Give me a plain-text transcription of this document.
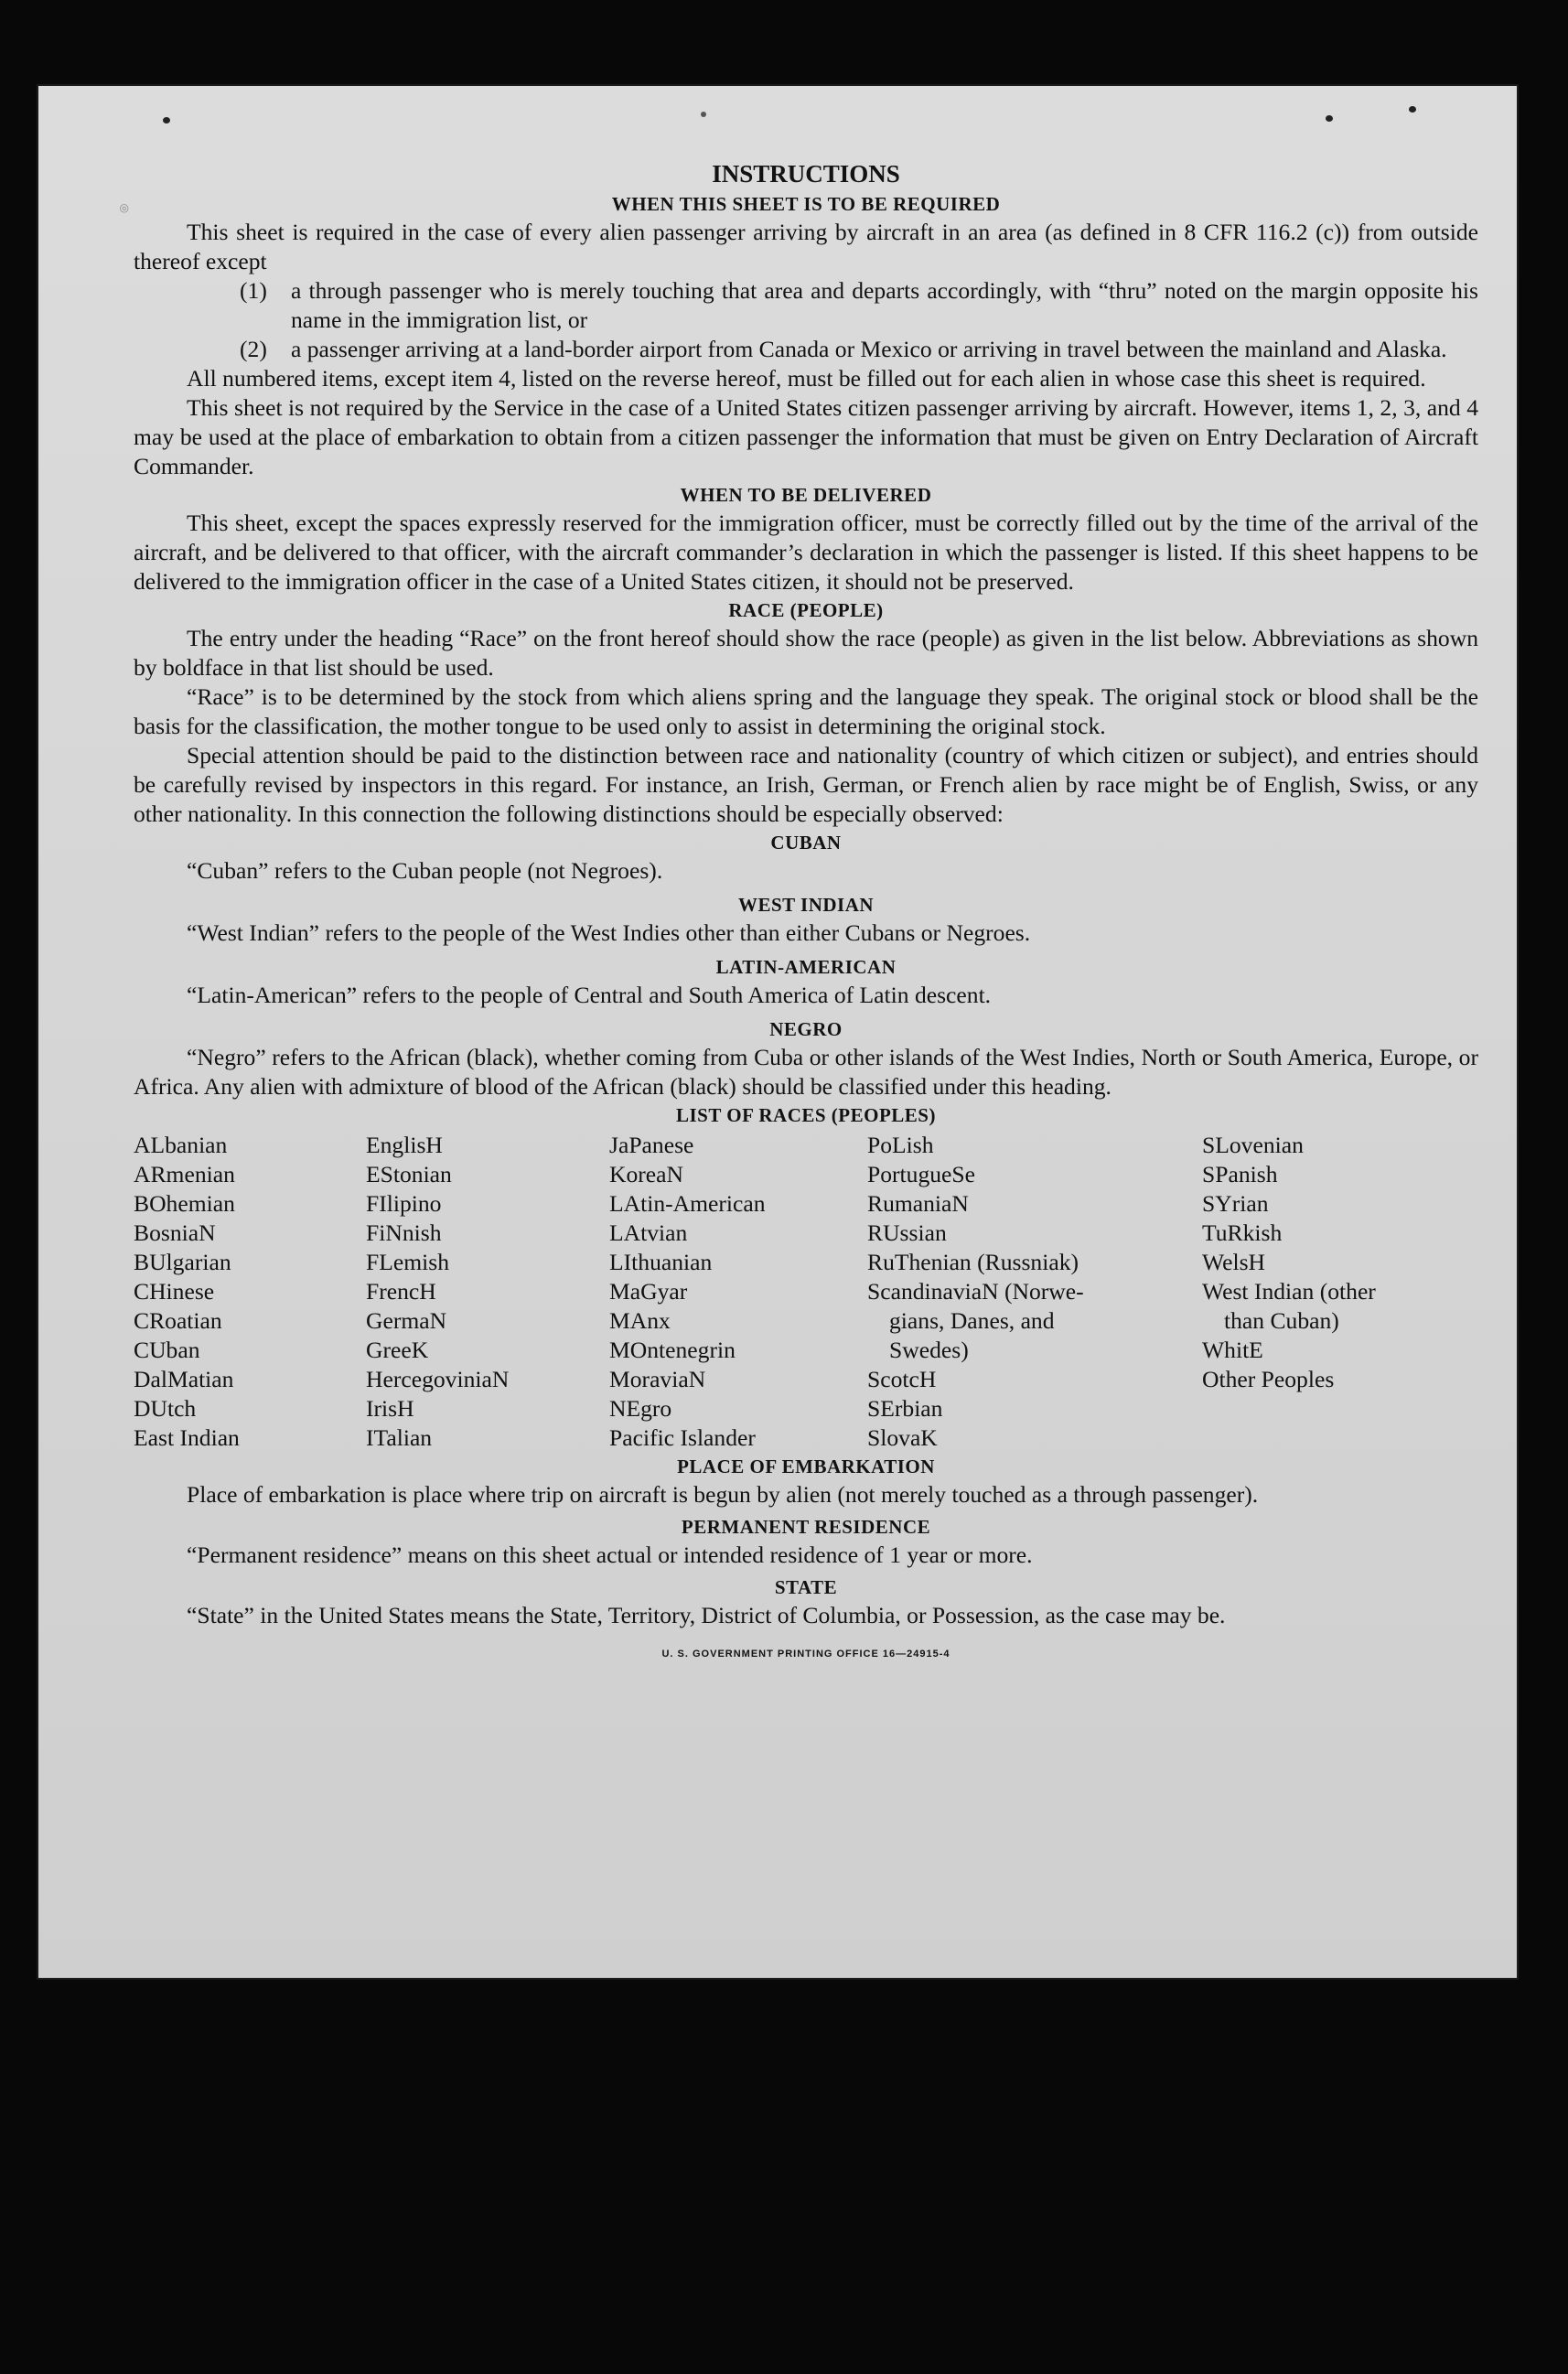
◎
INSTRUCTIONS
WHEN THIS SHEET IS TO BE REQUIRED
This sheet is required in the case of every alien passenger arriving by aircraft in an area (as defined in 8 CFR 116.2 (c)) from outside thereof except
(1)	a through passenger who is merely touching that area and departs accordingly, with “thru” noted on the margin opposite his name in the immigration list, or
(2)	a passenger arriving at a land-border airport from Canada or Mexico or arriving in travel between the mainland and Alaska.
All numbered items, except item 4, listed on the reverse hereof, must be filled out for each alien in whose case this sheet is required.
This sheet is not required by the Service in the case of a United States citizen passenger arriving by aircraft. However, items 1, 2, 3, and 4 may be used at the place of embarkation to obtain from a citizen passenger the information that must be given on Entry Declaration of Aircraft Commander.
WHEN TO BE DELIVERED
This sheet, except the spaces expressly reserved for the immigration officer, must be correctly filled out by the time of the arrival of the aircraft, and be delivered to that officer, with the aircraft commander’s declaration in which the passenger is listed. If this sheet happens to be delivered to the immigration officer in the case of a United States citizen, it should not be preserved.
RACE (PEOPLE)
The entry under the heading “Race” on the front hereof should show the race (people) as given in the list below. Abbreviations as shown by boldface in that list should be used.
“Race” is to be determined by the stock from which aliens spring and the language they speak. The original stock or blood shall be the basis for the classification, the mother tongue to be used only to assist in determining the original stock.
Special attention should be paid to the distinction between race and nationality (country of which citizen or subject), and entries should be carefully revised by inspectors in this regard. For instance, an Irish, German, or French alien by race might be of English, Swiss, or any other nationality. In this connection the following distinctions should be especially observed:
CUBAN
“Cuban” refers to the Cuban people (not Negroes).
WEST INDIAN
“West Indian” refers to the people of the West Indies other than either Cubans or Negroes.
LATIN-AMERICAN
“Latin-American” refers to the people of Central and South America of Latin descent.
NEGRO
“Negro” refers to the African (black), whether coming from Cuba or other islands of the West Indies, North or South America, Europe, or Africa. Any alien with admixture of blood of the African (black) should be classified under this heading.
LIST OF RACES (PEOPLES)
ALbanian
ARmenian
BOhemian
BosniaN
BUlgarian
CHinese
CRoatian
CUban
DalMatian
DUtch
East Indian
EnglisH
EStonian
FIlipino
FiNnish
FLemish
FrencH
GermaN
GreeK
HercegoviniaN
IrisH
ITalian
JaPanese
KoreaN
LAtin-American
LAtvian
LIthuanian
MaGyar
MAnx
MOntenegrin
MoraviaN
NEgro
Pacific Islander
PoLish
PortugueSe
RumaniaN
RUssian
RuThenian (Russniak)
ScandinaviaN (Norwe-
gians, Danes, and
Swedes)
ScotcH
SErbian
SlovaK
SLovenian
SPanish
SYrian
TuRkish
WelsH
West Indian (other
than Cuban)
WhitE
Other Peoples
PLACE OF EMBARKATION
Place of embarkation is place where trip on aircraft is begun by alien (not merely touched as a through passenger).
PERMANENT RESIDENCE
“Permanent residence” means on this sheet actual or intended residence of 1 year or more.
STATE
“State” in the United States means the State, Territory, District of Columbia, or Possession, as the case may be.
U. S. GOVERNMENT PRINTING OFFICE 16—24915-4
